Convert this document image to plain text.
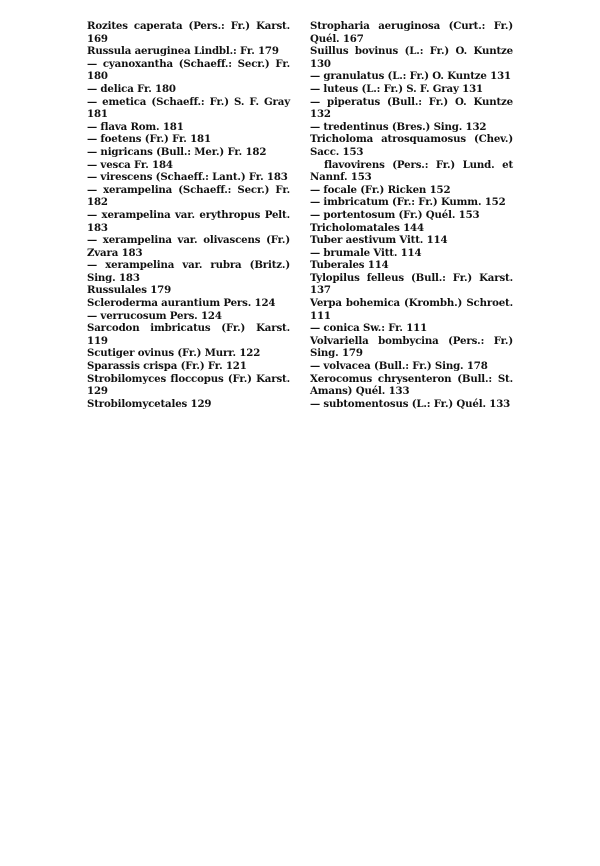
Rozites caperata (Pers.: Fr.) Karst. 169

Russula aeruginea Lindbl.: Fr. 179

— cyanoxantha (Schaeff.: Secr.) Fr. 180

— delica Fr. 180

— emetica (Schaeff.: Fr.) S. F. Gray 181

— flava Rom. 181

— foetens (Fr.) Fr. 181

— nigricans (Bull.: Mer.) Fr. 182

— vesca Fr. 184

— virescens (Schaeff.: Lant.) Fr. 183

— xerampelina (Schaeff.: Secr.) Fr. 182

— xerampelina var. erythropus Pelt. 183

— xerampelina var. olivascens (Fr.) Zvara 183

— xerampelina var. rubra (Britz.) Sing. 183

Russulales 179

Scleroderma aurantium Pers. 124

— verrucosum Pers. 124

Sarcodon imbricatus (Fr.) Karst. 119

Scutiger ovinus (Fr.) Murr. 122

Sparassis crispa (Fr.) Fr. 121

Strobilomyces floccopus (Fr.) Karst. 129

Strobilomycetales 129

Stropharia aeruginosa (Curt.: Fr.) Quél. 167

Suillus bovinus (L.: Fr.) O. Kuntze 130

— granulatus (L.: Fr.) O. Kuntze 131

— luteus (L.: Fr.) S. F. Gray 131

— piperatus (Bull.: Fr.) O. Kuntze 132

— tredentinus (Bres.) Sing. 132

Tricholoma atrosquamosus (Chev.) Sacc. 153

flavovirens (Pers.: Fr.) Lund. et Nannf. 153

— focale (Fr.) Ricken 152

— imbricatum (Fr.: Fr.) Kumm. 152

— portentosum (Fr.) Quél. 153

Tricholomatales 144

Tuber aestivum Vitt. 114

— brumale Vitt. 114

Tuberales 114

Tylopilus felleus (Bull.: Fr.) Karst. 137

Verpa bohemica (Krombh.) Schroet. 111

— conica Sw.: Fr. 111

Volvariella bombycina (Pers.: Fr.) Sing. 179

— volvacea (Bull.: Fr.) Sing. 178

Xerocomus chrysenteron (Bull.: St. Amans) Quél. 133

— subtomentosus (L.: Fr.) Quél. 133
